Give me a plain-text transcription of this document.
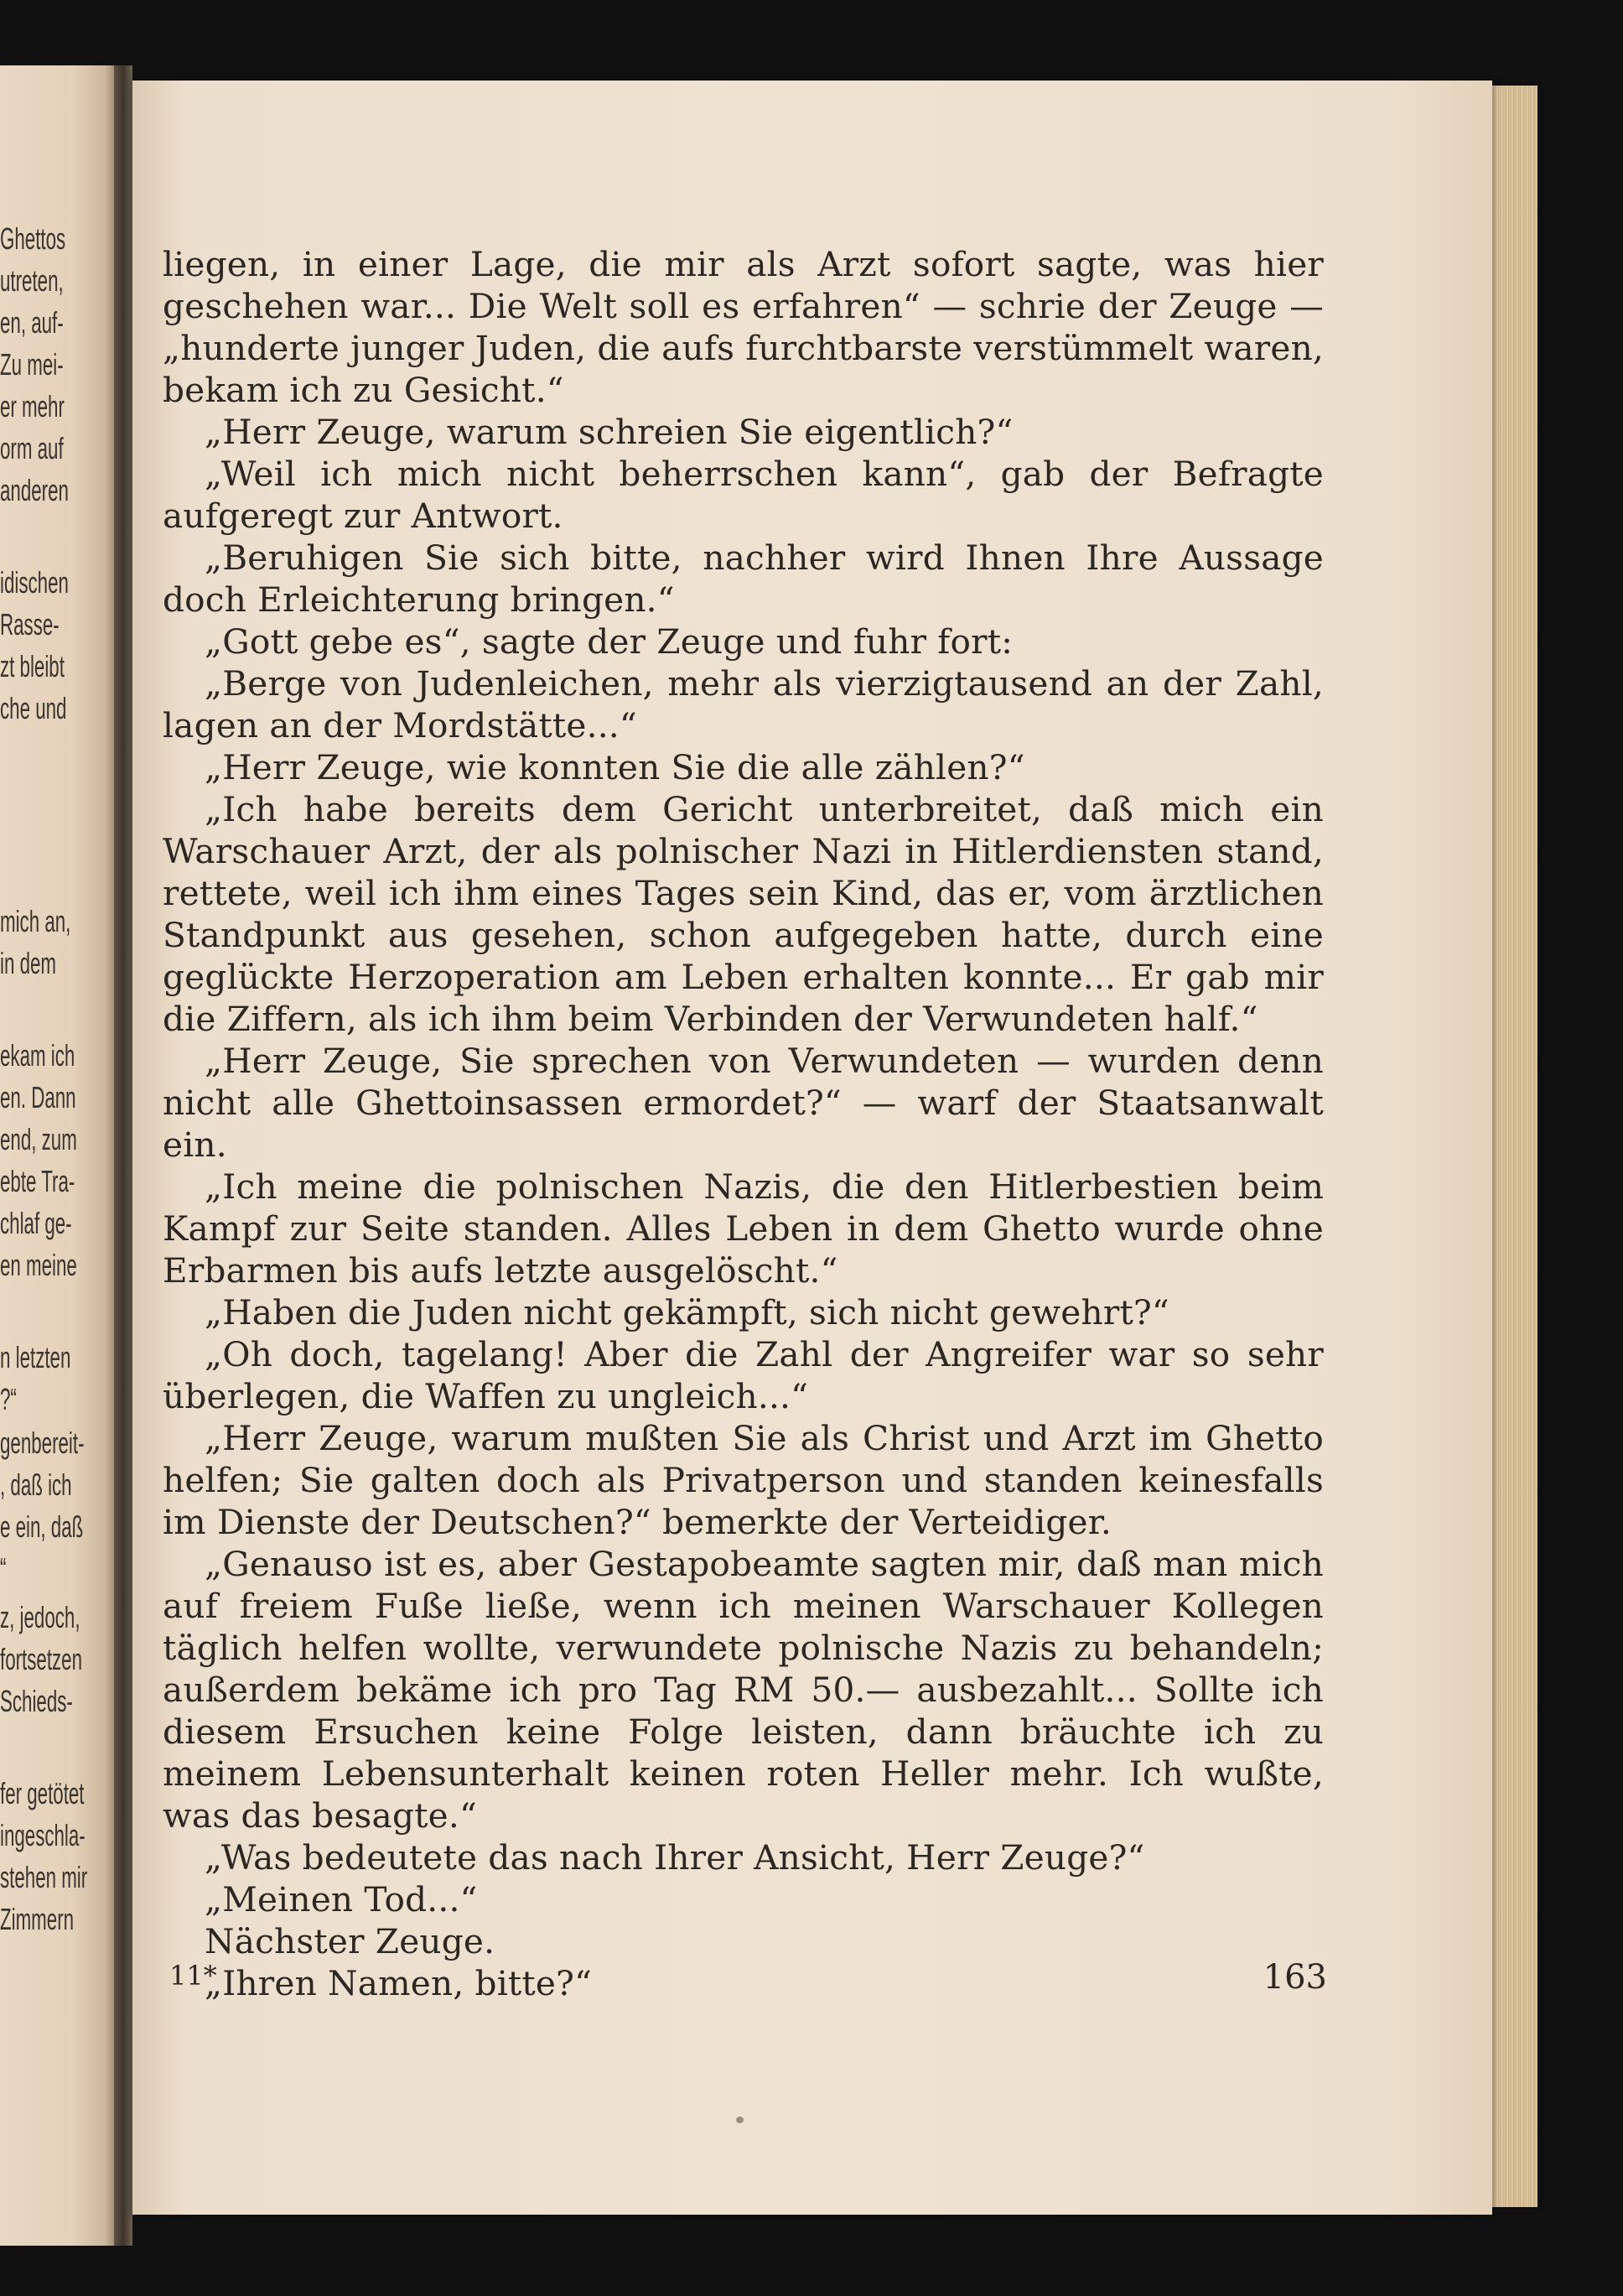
Ghettos
utreten,
en, auf-
Zu mei-
er mehr
orm auf
anderen
idischen
Rasse-
zt bleibt
che und
mich an,
in dem
ekam ich
en. Dann
end, zum
ebte Tra-
chlaf ge-
en meine
n letzten
?“
genbereit-
, daß ich
e ein, daß
“
z, jedoch,
fortsetzen
Schieds-
fer getötet
ingeschla-
stehen mir
Zimmern

liegen, in einer Lage, die mir als Arzt sofort sagte, was hier geschehen war... Die Welt soll es erfahren“ — schrie der Zeuge — „hunderte junger Juden, die aufs furchtbarste verstümmelt waren, bekam ich zu Gesicht.“

„Herr Zeuge, warum schreien Sie eigentlich?“

„Weil ich mich nicht beherrschen kann“, gab der Befragte aufgeregt zur Antwort.

„Beruhigen Sie sich bitte, nachher wird Ihnen Ihre Aussage doch Erleichterung bringen.“

„Gott gebe es“, sagte der Zeuge und fuhr fort:

„Berge von Judenleichen, mehr als vierzigtausend an der Zahl, lagen an der Mordstätte...“

„Herr Zeuge, wie konnten Sie die alle zählen?“

„Ich habe bereits dem Gericht unterbreitet, daß mich ein Warschauer Arzt, der als polnischer Nazi in Hitlerdiensten stand, rettete, weil ich ihm eines Tages sein Kind, das er, vom ärztlichen Standpunkt aus gesehen, schon aufgegeben hatte, durch eine geglückte Herzoperation am Leben erhalten konnte... Er gab mir die Ziffern, als ich ihm beim Verbinden der Verwundeten half.“

„Herr Zeuge, Sie sprechen von Verwundeten — wurden denn nicht alle Ghettoinsassen ermordet?“ — warf der Staatsanwalt ein.

„Ich meine die polnischen Nazis, die den Hitlerbestien beim Kampf zur Seite standen. Alles Leben in dem Ghetto wurde ohne Erbarmen bis aufs letzte ausgelöscht.“

„Haben die Juden nicht gekämpft, sich nicht gewehrt?“

„Oh doch, tagelang! Aber die Zahl der Angreifer war so sehr überlegen, die Waffen zu ungleich...“

„Herr Zeuge, warum mußten Sie als Christ und Arzt im Ghetto helfen; Sie galten doch als Privatperson und standen keinesfalls im Dienste der Deutschen?“ bemerkte der Verteidiger.

„Genauso ist es, aber Gestapobeamte sagten mir, daß man mich auf freiem Fuße ließe, wenn ich meinen Warschauer Kollegen täglich helfen wollte, verwundete polnische Nazis zu behandeln; außerdem bekäme ich pro Tag RM 50.— ausbezahlt... Sollte ich diesem Ersuchen keine Folge leisten, dann bräuchte ich zu meinem Lebensunterhalt keinen roten Heller mehr. Ich wußte, was das besagte.“

„Was bedeutete das nach Ihrer Ansicht, Herr Zeuge?“

„Meinen Tod...“

Nächster Zeuge.

„Ihren Namen, bitte?“

11*	163
